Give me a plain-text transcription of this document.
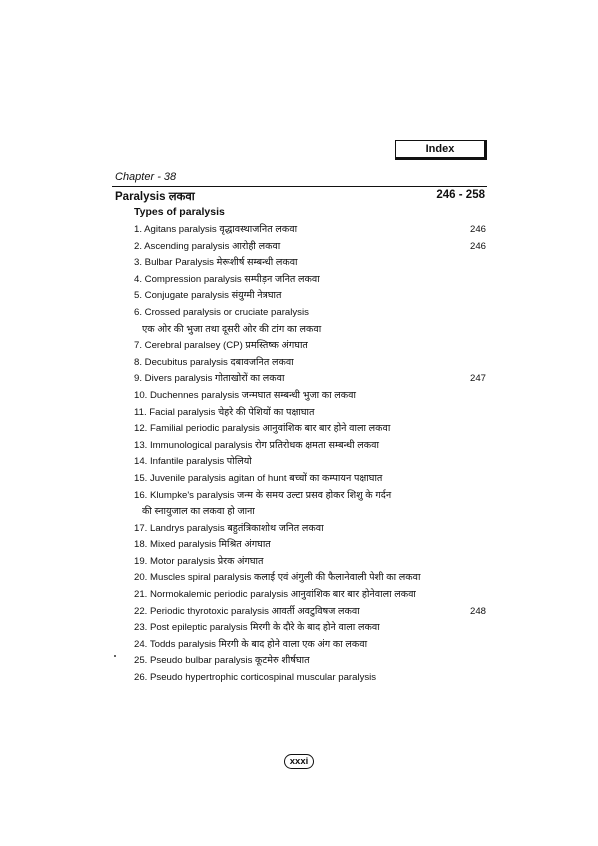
Index
Chapter - 38
Paralysis लकवा	246 - 258
Types of paralysis
1. Agitans paralysis वृद्धावस्थाजनित लकवा	246
2. Ascending paralysis आरोही लकवा	246
3. Bulbar Paralysis मेरूशीर्ष सम्बन्धी लकवा
4. Compression paralysis सम्पीड़न जनित लकवा
5. Conjugate paralysis संयुग्मी नेत्रघात
6. Crossed paralysis or cruciate paralysis
एक ओर की भुजा तथा दूसरी ओर की टांग का लकवा
7. Cerebral paralsey (CP) प्रमस्तिष्क अंगघात
8. Decubitus paralysis दबावजनित लकवा
9. Divers paralysis गोताखोरों का लकवा	247
10. Duchennes paralysis जन्मघात सम्बन्धी भुजा का लकवा
11. Facial paralysis चेहरे की पेशियों का पक्षाघात
12. Familial periodic paralysis आनुवांशिक बार बार होने वाला लकवा
13. Immunological paralysis रोग प्रतिरोधक क्षमता सम्बन्धी लकवा
14. Infantile paralysis पोलियो
15. Juvenile paralysis agitan of hunt बच्चों का कम्पायन पक्षाघात
16. Klumpke's paralysis जन्म के समय उल्टा प्रसव होकर शिशु के गर्दन
की स्नायुजाल का लकवा हो जाना
17. Landrys paralysis बहुतंत्रिकाशोथ जनित लकवा
18. Mixed paralysis मिश्रित अंगघात
19. Motor paralysis प्रेरक अंगघात
20. Muscles spiral paralysis कलाई एवं अंगुली की फैलानेवाली पेशी का लकवा
21. Normokalemic periodic paralysis आनुवांशिक बार बार होनेवाला लकवा
22. Periodic thyrotoxic paralysis आवर्ती अवटुविषज लकवा	248
23. Post epileptic paralysis मिरगी के दौरे के बाद होने वाला लकवा
24. Todds paralysis मिरगी के बाद होने वाला एक अंग का लकवा
25. Pseudo bulbar paralysis कूटमेरु शीर्षघात
26. Pseudo hypertrophic corticospinal muscular paralysis
xxxi
